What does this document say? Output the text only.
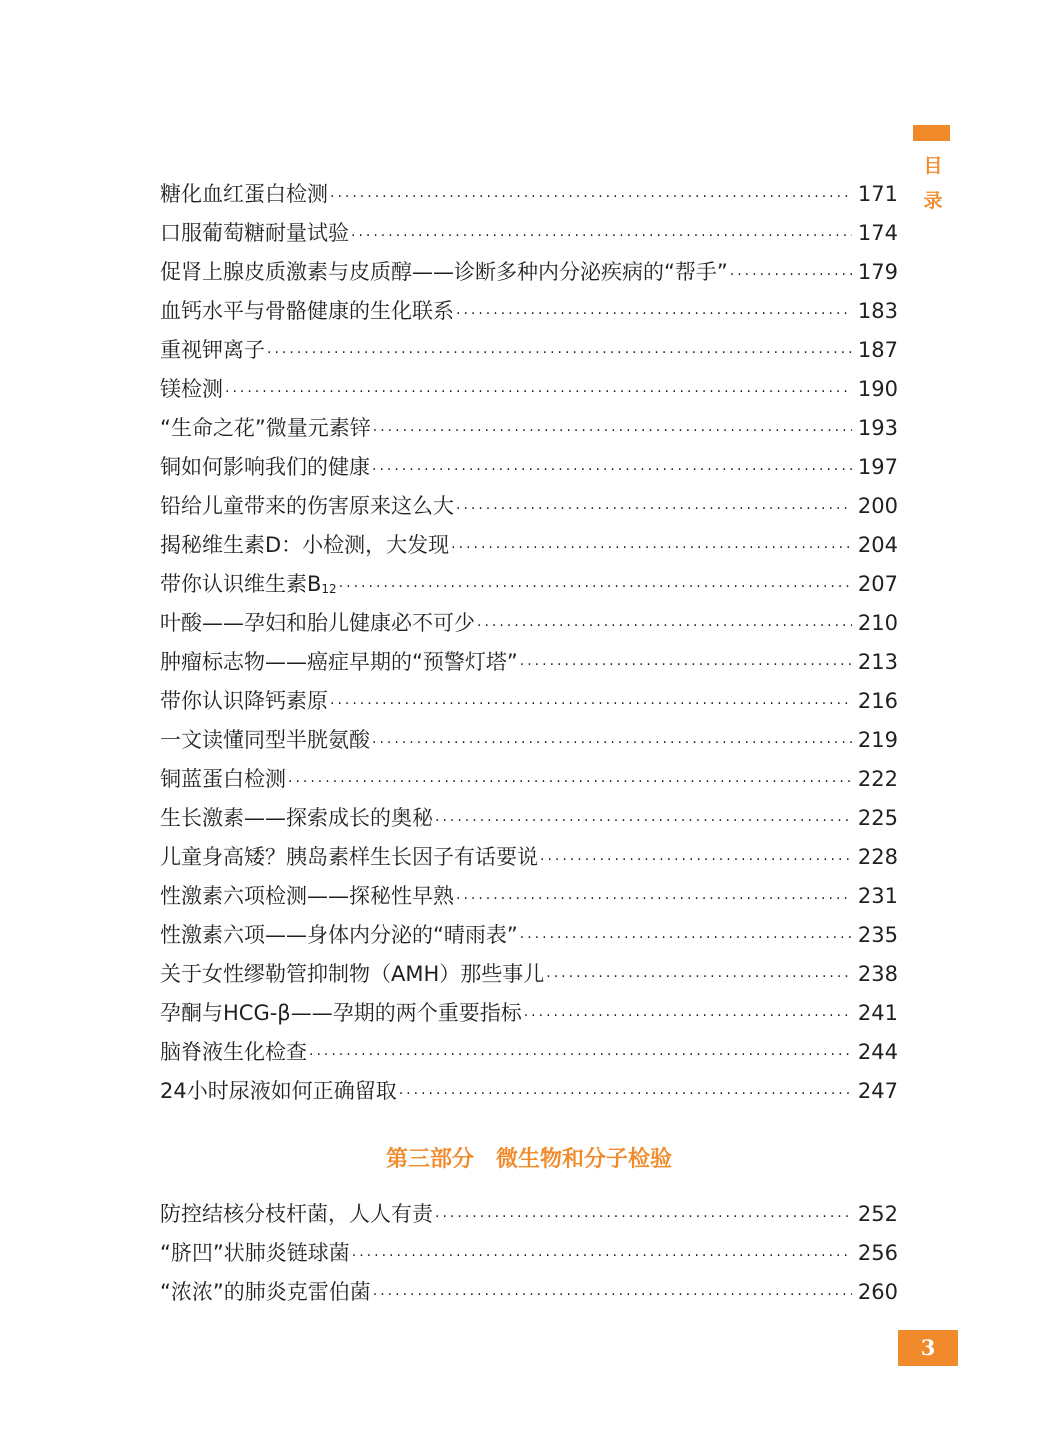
目
录
糖化血红蛋白检测 ·····	171
口服葡萄糖耐量试验 ·····	174
促肾上腺皮质激素与皮质醇——诊断多种内分泌疾病的“帮手” ·····	179
血钙水平与骨骼健康的生化联系 ·····	183
重视钾离子 ·····	187
镁检测 ·····	190
“生命之花”微量元素锌 ·····	193
铜如何影响我们的健康 ·····	197
铅给儿童带来的伤害原来这么大 ·····	200
揭秘维生素D：小检测，大发现 ·····	204
带你认识维生素$B_{12}$ ·····	207
叶酸——孕妇和胎儿健康必不可少 ·····	210
肿瘤标志物——癌症早期的“预警灯塔” ·····	213
带你认识降钙素原 ·····	216
一文读懂同型半胱氨酸 ·····	219
铜蓝蛋白检测 ·····	222
生长激素——探索成长的奥秘 ·····	225
儿童身高矮？胰岛素样生长因子有话要说 ·····	228
性激素六项检测——探秘性早熟 ·····	231
性激素六项——身体内分泌的“晴雨表” ·····	235
关于女性缪勒管抑制物（AMH）那些事儿 ·····	238
孕酮与HCG-β——孕期的两个重要指标 ·····	241
脑脊液生化检查 ·····	244
24小时尿液如何正确留取 ·····	247
第三部分　微生物和分子检验
防控结核分枝杆菌，人人有责 ·····	252
“脐凹”状肺炎链球菌 ·····	256
“浓浓”的肺炎克雷伯菌 ·····	260
3
